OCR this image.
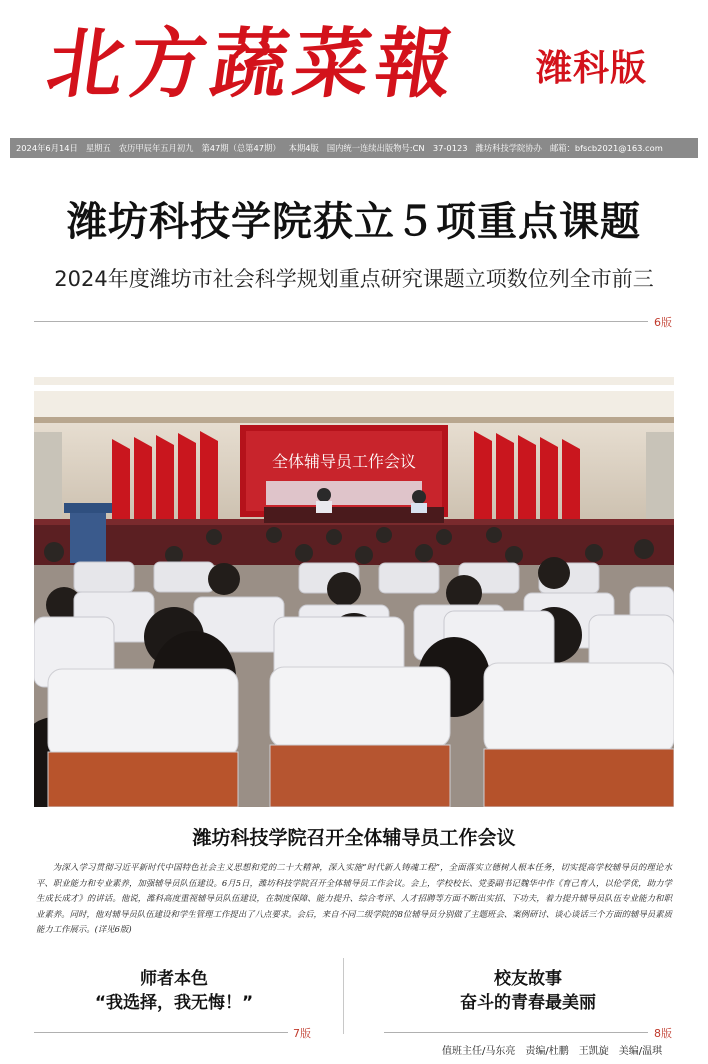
北方蔬菜報 潍科版
2024年6月14日 星期五 农历甲辰年五月初九 第47期（总第47期） 本期4版 国内统一连续出版物号:CN　37-0123 潍坊科技学院协办 邮箱：bfscb2021@163.com
潍坊科技学院获立５项重点课题
2024年度潍坊市社会科学规划重点研究课题立项数位列全市前三
6版
全体辅导员工作会议
潍坊科技学院召开全体辅导员工作会议

为深入学习贯彻习近平新时代中国特色社会主义思想和党的二十大精神，深入实施“时代新人铸魂工程”，全面落实立德树人根本任务，切实提高学校辅导员的理论水平、职业能力和专业素养，加强辅导员队伍建设。6月5日，潍坊科技学院召开全体辅导员工作会议。会上，学校校长、党委副书记魏华中作《育己育人，以伦学优，助力学生成长成才》的讲话。他说，潍科高度重视辅导员队伍建设，在制度保障、能力提升、综合考评、人才招聘等方面不断出实招、下功夫，着力提升辅导员队伍专业能力和职业素养。同时，他对辅导员队伍建设和学生管理工作提出了八点要求。会后，来自不同二级学院的8位辅导员分别做了主题班会、案例研讨、谈心谈话三个方面的辅导员素质能力工作展示。(详见6版)

师者本色
“我选择，我无悔！”
7版
校友故事
奋斗的青春最美丽
8版
值班主任/马东亮　责编/杜鹏　王凯旋　美编/温琪
